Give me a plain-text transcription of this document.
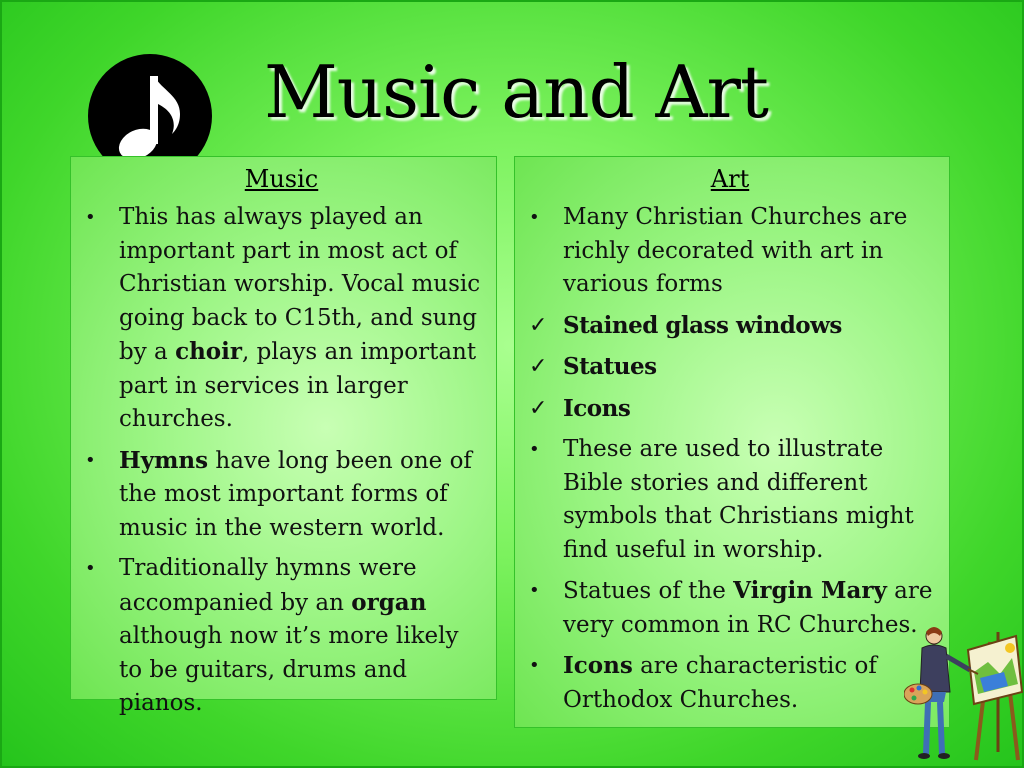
Music and Art
Music
•	This has always played an important part in most act of Christian worship. Vocal music going back to C15th, and sung by a choir, plays an important part in services in larger churches.
•	Hymns have long been one of the most important forms of music in the western world.
•	Traditionally hymns were accompanied by an organ although now it’s more likely to be guitars, drums and pianos.
Art
•	Many Christian Churches are richly decorated with art in various forms
✓ Stained glass windows
✓ Statues
✓ Icons
•	These are used to illustrate Bible stories and different symbols that Christians might find useful in worship.
•	Statues of the Virgin Mary are very common in RC Churches.
•	Icons are characteristic of Orthodox Churches.
